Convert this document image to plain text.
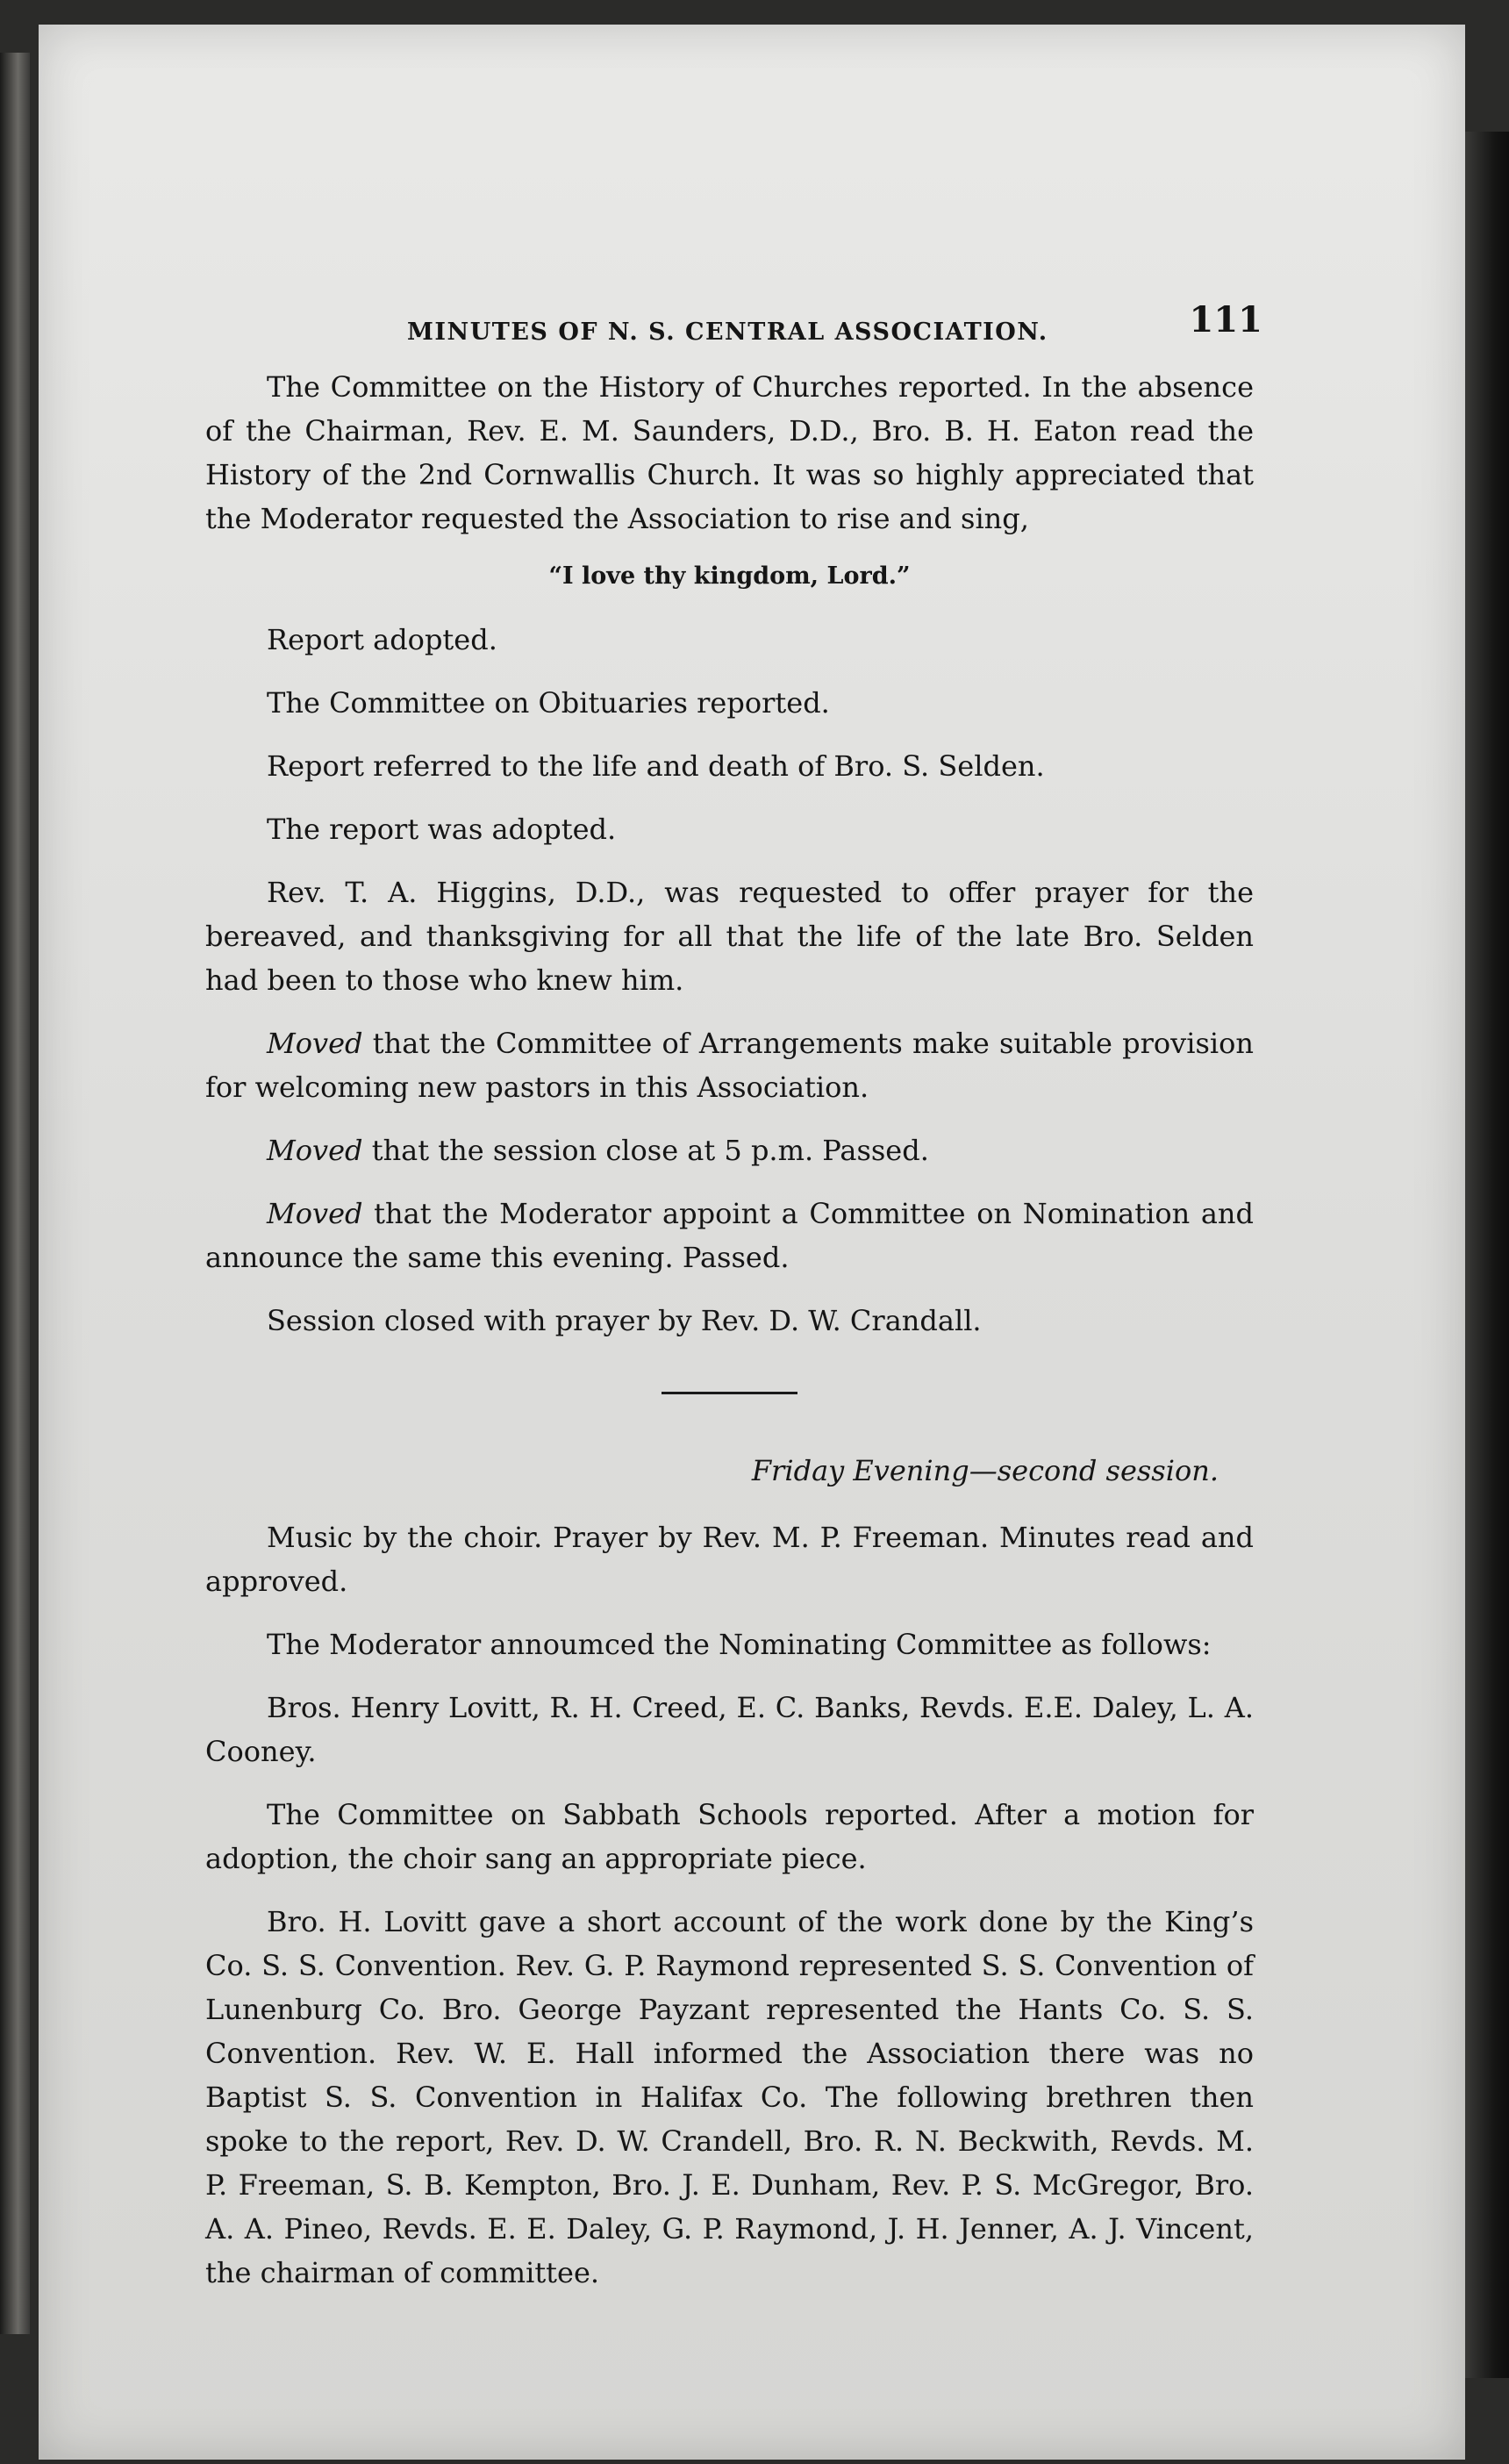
MINUTES OF N. S. CENTRAL ASSOCIATION.	111

The Committee on the History of Churches reported. In the absence of the Chairman, Rev. E. M. Saunders, D.D., Bro. B. H. Eaton read the History of the 2nd Cornwallis Church. It was so highly appreciated that the Moderator requested the Association to rise and sing,

“I love thy kingdom, Lord.”

Report adopted.

The Committee on Obituaries reported.

Report referred to the life and death of Bro. S. Selden.

The report was adopted.

Rev. T. A. Higgins, D.D., was requested to offer prayer for the bereaved, and thanksgiving for all that the life of the late Bro. Selden had been to those who knew him.

Moved that the Committee of Arrangements make suitable provision for welcoming new pastors in this Association.

Moved that the session close at 5 p.m. Passed.

Moved that the Moderator appoint a Committee on Nomination and announce the same this evening. Passed.

Session closed with prayer by Rev. D. W. Crandall.

Friday Evening—second session.

Music by the choir. Prayer by Rev. M. P. Freeman. Minutes read and approved.

The Moderator annoumced the Nominating Committee as follows:

Bros. Henry Lovitt, R. H. Creed, E. C. Banks, Revds. E.E. Daley, L. A. Cooney.

The Committee on Sabbath Schools reported. After a motion for adoption, the choir sang an appropriate piece.

Bro. H. Lovitt gave a short account of the work done by the King’s Co. S. S. Convention. Rev. G. P. Raymond represented S. S. Convention of Lunenburg Co. Bro. George Payzant represented the Hants Co. S. S. Convention. Rev. W. E. Hall informed the Association there was no Baptist S. S. Convention in Halifax Co. The following brethren then spoke to the report, Rev. D. W. Crandell, Bro. R. N. Beckwith, Revds. M. P. Freeman, S. B. Kempton, Bro. J. E. Dunham, Rev. P. S. McGregor, Bro. A. A. Pineo, Revds. E. E. Daley, G. P. Raymond, J. H. Jenner, A. J. Vincent, the chairman of committee.
